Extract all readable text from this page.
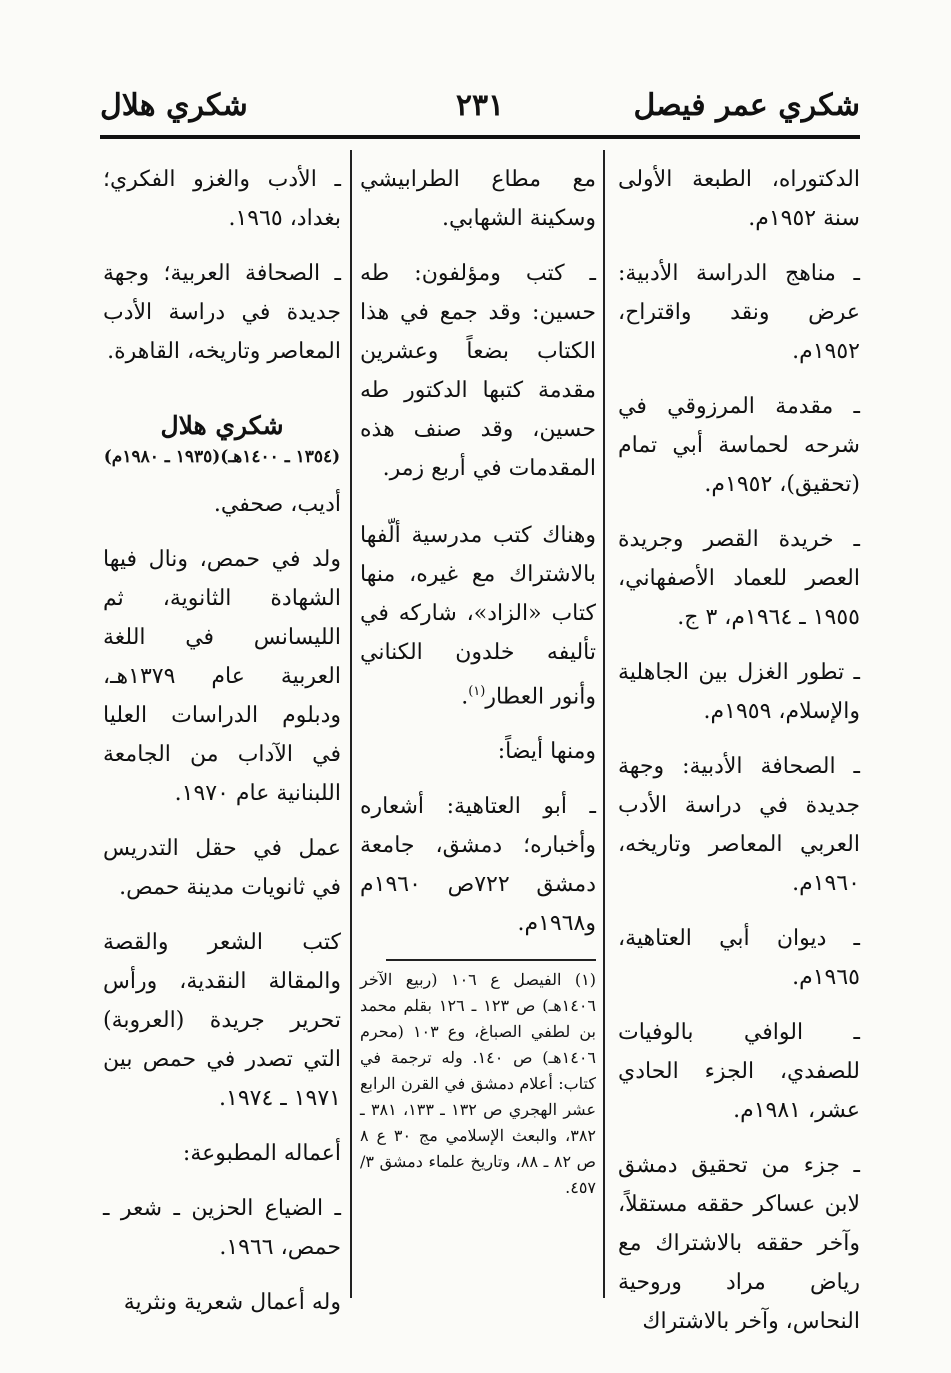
شكري عمر فيصل
٢٣١
شكري هلال

الدكتوراه، الطبعة الأولى سنة ١٩٥٢م.

ـ مناهج الدراسة الأدبية: عرض ونقد واقتراح، ١٩٥٢م.

ـ مقدمة المرزوقي في شرحه لحماسة أبي تمام (تحقيق)، ١٩٥٢م.

ـ خريدة القصر وجريدة العصر للعماد الأصفهاني، ١٩٥٥ ـ ١٩٦٤م، ٣ ج.

ـ تطور الغزل بين الجاهلية والإسلام، ١٩٥٩م.

ـ الصحافة الأدبية: وجهة جديدة في دراسة الأدب العربي المعاصر وتاريخه، ١٩٦٠م.

ـ ديوان أبي العتاهية، ١٩٦٥م.

ـ الوافي بالوفيات للصفدي، الجزء الحادي عشر، ١٩٨١م.

ـ جزء من تحقيق دمشق لابن عساكر حققه مستقلاً، وآخر حققه بالاشتراك مع رياض مراد وروحية النحاس، وآخر بالاشتراك

مع مطاع الطرابيشي وسكينة الشهابي.

ـ كتب ومؤلفون: طه حسين: وقد جمع في هذا الكتاب بضعاً وعشرين مقدمة كتبها الدكتور طه حسين، وقد صنف هذه المقدمات في أربع زمر.

وهناك كتب مدرسية ألّفها بالاشتراك مع غيره، منها كتاب «الزاد»، شاركه في تأليفه خلدون الكناني وأنور العطار$^{(١)}$.

ومنها أيضاً:

ـ أبو العتاهية: أشعاره وأخباره؛ دمشق، جامعة دمشق ٧٢٢ص ١٩٦٠م و١٩٦٨م.

(١) الفيصل ع ١٠٦ (ربيع الآخر ١٤٠٦هـ) ص ١٢٣ ـ ١٢٦ بقلم محمد بن لطفي الصباغ، وع ١٠٣ (محرم ١٤٠٦هـ) ص ١٤٠. وله ترجمة في كتاب: أعلام دمشق في القرن الرابع عشر الهجري ص ١٣٢ ـ ١٣٣، ٣٨١ ـ ٣٨٢، والبعث الإسلامي مج ٣٠ ع ٨ ص ٨٢ ـ ٨٨، وتاريخ علماء دمشق ٣/ ٤٥٧.

ـ الأدب والغزو الفكري؛ بغداد، ١٩٦٥.

ـ الصحافة العربية؛ وجهة جديدة في دراسة الأدب المعاصر وتاريخه، القاهرة.

شكري هلال
(١٣٥٤ ـ ١٤٠٠هـ)(١٩٣٥ ـ ١٩٨٠م)

أديب، صحفي.

ولد في حمص، ونال فيها الشهادة الثانوية، ثم الليسانس في اللغة العربية عام ١٣٧٩هـ، ودبلوم الدراسات العليا في الآداب من الجامعة اللبنانية عام ١٩٧٠.

عمل في حقل التدريس في ثانويات مدينة حمص.

كتب الشعر والقصة والمقالة النقدية، ورأس تحرير جريدة (العروبة) التي تصدر في حمص بين ١٩٧١ ـ ١٩٧٤.

أعماله المطبوعة:

ـ الضياع الحزين ـ شعر ـ حمص، ١٩٦٦.

وله أعمال شعرية ونثرية
